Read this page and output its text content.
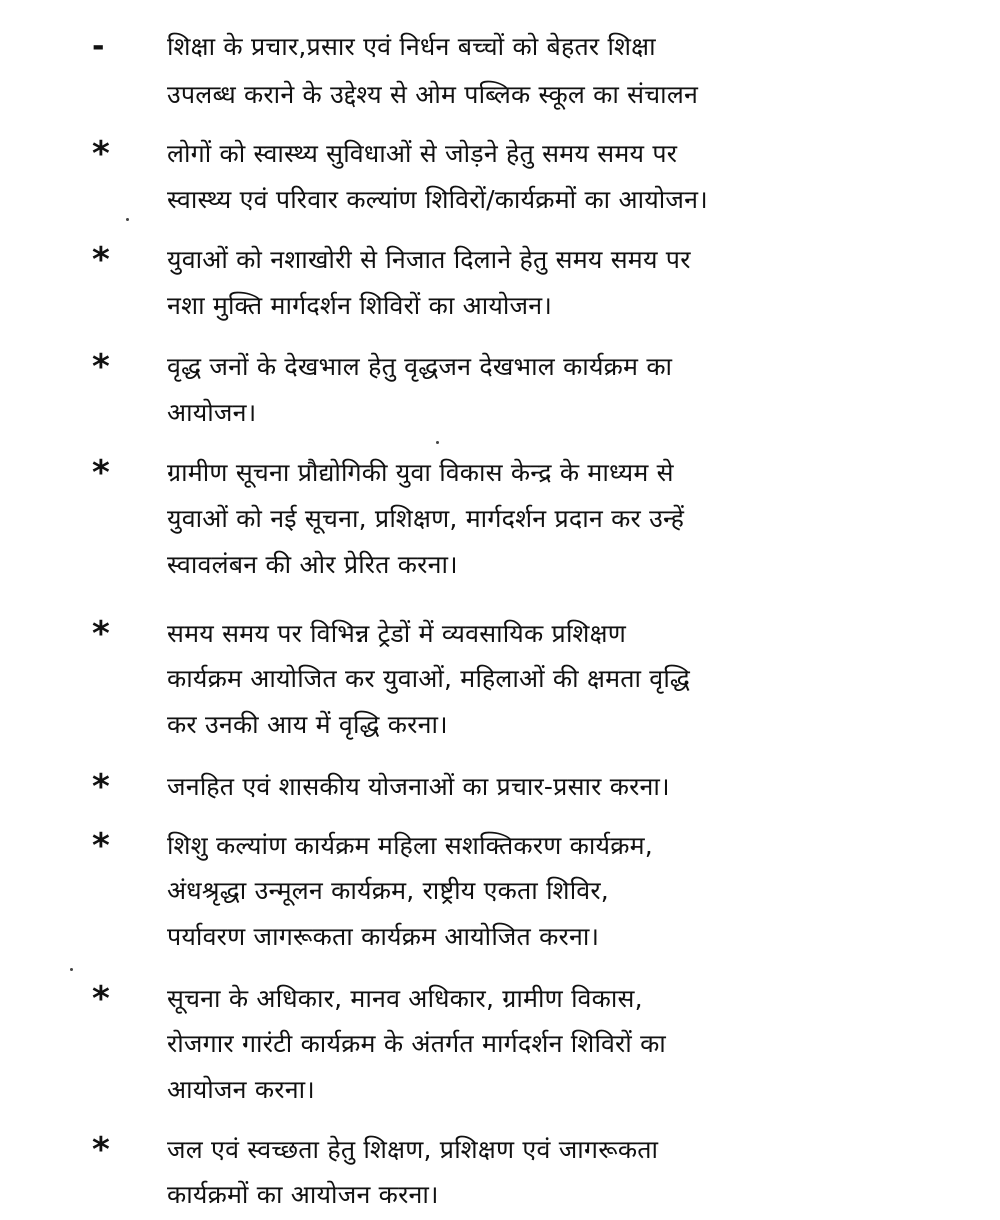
-	शिक्षा के प्रचार,प्रसार एवं निर्धन बच्चों को बेहतर शिक्षा
उपलब्ध कराने के उद्देश्य से ओम पब्लिक स्कूल का संचालन
* लोगों को स्वास्थ्य सुविधाओं से जोड़ने हेतु समय समय पर
स्वास्थ्य एवं परिवार कल्यांण शिविरों/कार्यक्रमों का आयोजन।
* युवाओं को नशाखोरी से निजात दिलाने हेतु समय समय पर
नशा मुक्ति मार्गदर्शन शिविरों का आयोजन।
* वृद्ध जनों के देखभाल हेतु वृद्धजन देखभाल कार्यक्रम का
आयोजन।
* ग्रामीण सूचना प्रौद्योगिकी युवा विकास केन्द्र के माध्यम से
युवाओं को नई सूचना, प्रशिक्षण, मार्गदर्शन प्रदान कर उन्हें
स्वावलंबन की ओर प्रेरित करना।
* समय समय पर विभिन्न ट्रेडों में व्यवसायिक प्रशिक्षण
कार्यक्रम आयोजित कर युवाओं, महिलाओं की क्षमता वृद्धि
कर उनकी आय में वृद्धि करना।
* जनहित एवं शासकीय योजनाओं का प्रचार-प्रसार करना।
* शिशु कल्यांण कार्यक्रम महिला सशक्तिकरण कार्यक्रम,
अंधश्रृद्धा उन्मूलन कार्यक्रम, राष्ट्रीय एकता शिविर,
पर्यावरण जागरूकता कार्यक्रम आयोजित करना।
* सूचना के अधिकार, मानव अधिकार, ग्रामीण विकास,
रोजगार गारंटी कार्यक्रम के अंतर्गत मार्गदर्शन शिविरों का
आयोजन करना।
* जल एवं स्वच्छता हेतु शिक्षण, प्रशिक्षण एवं जागरूकता
कार्यक्रमों का आयोजन करना।
